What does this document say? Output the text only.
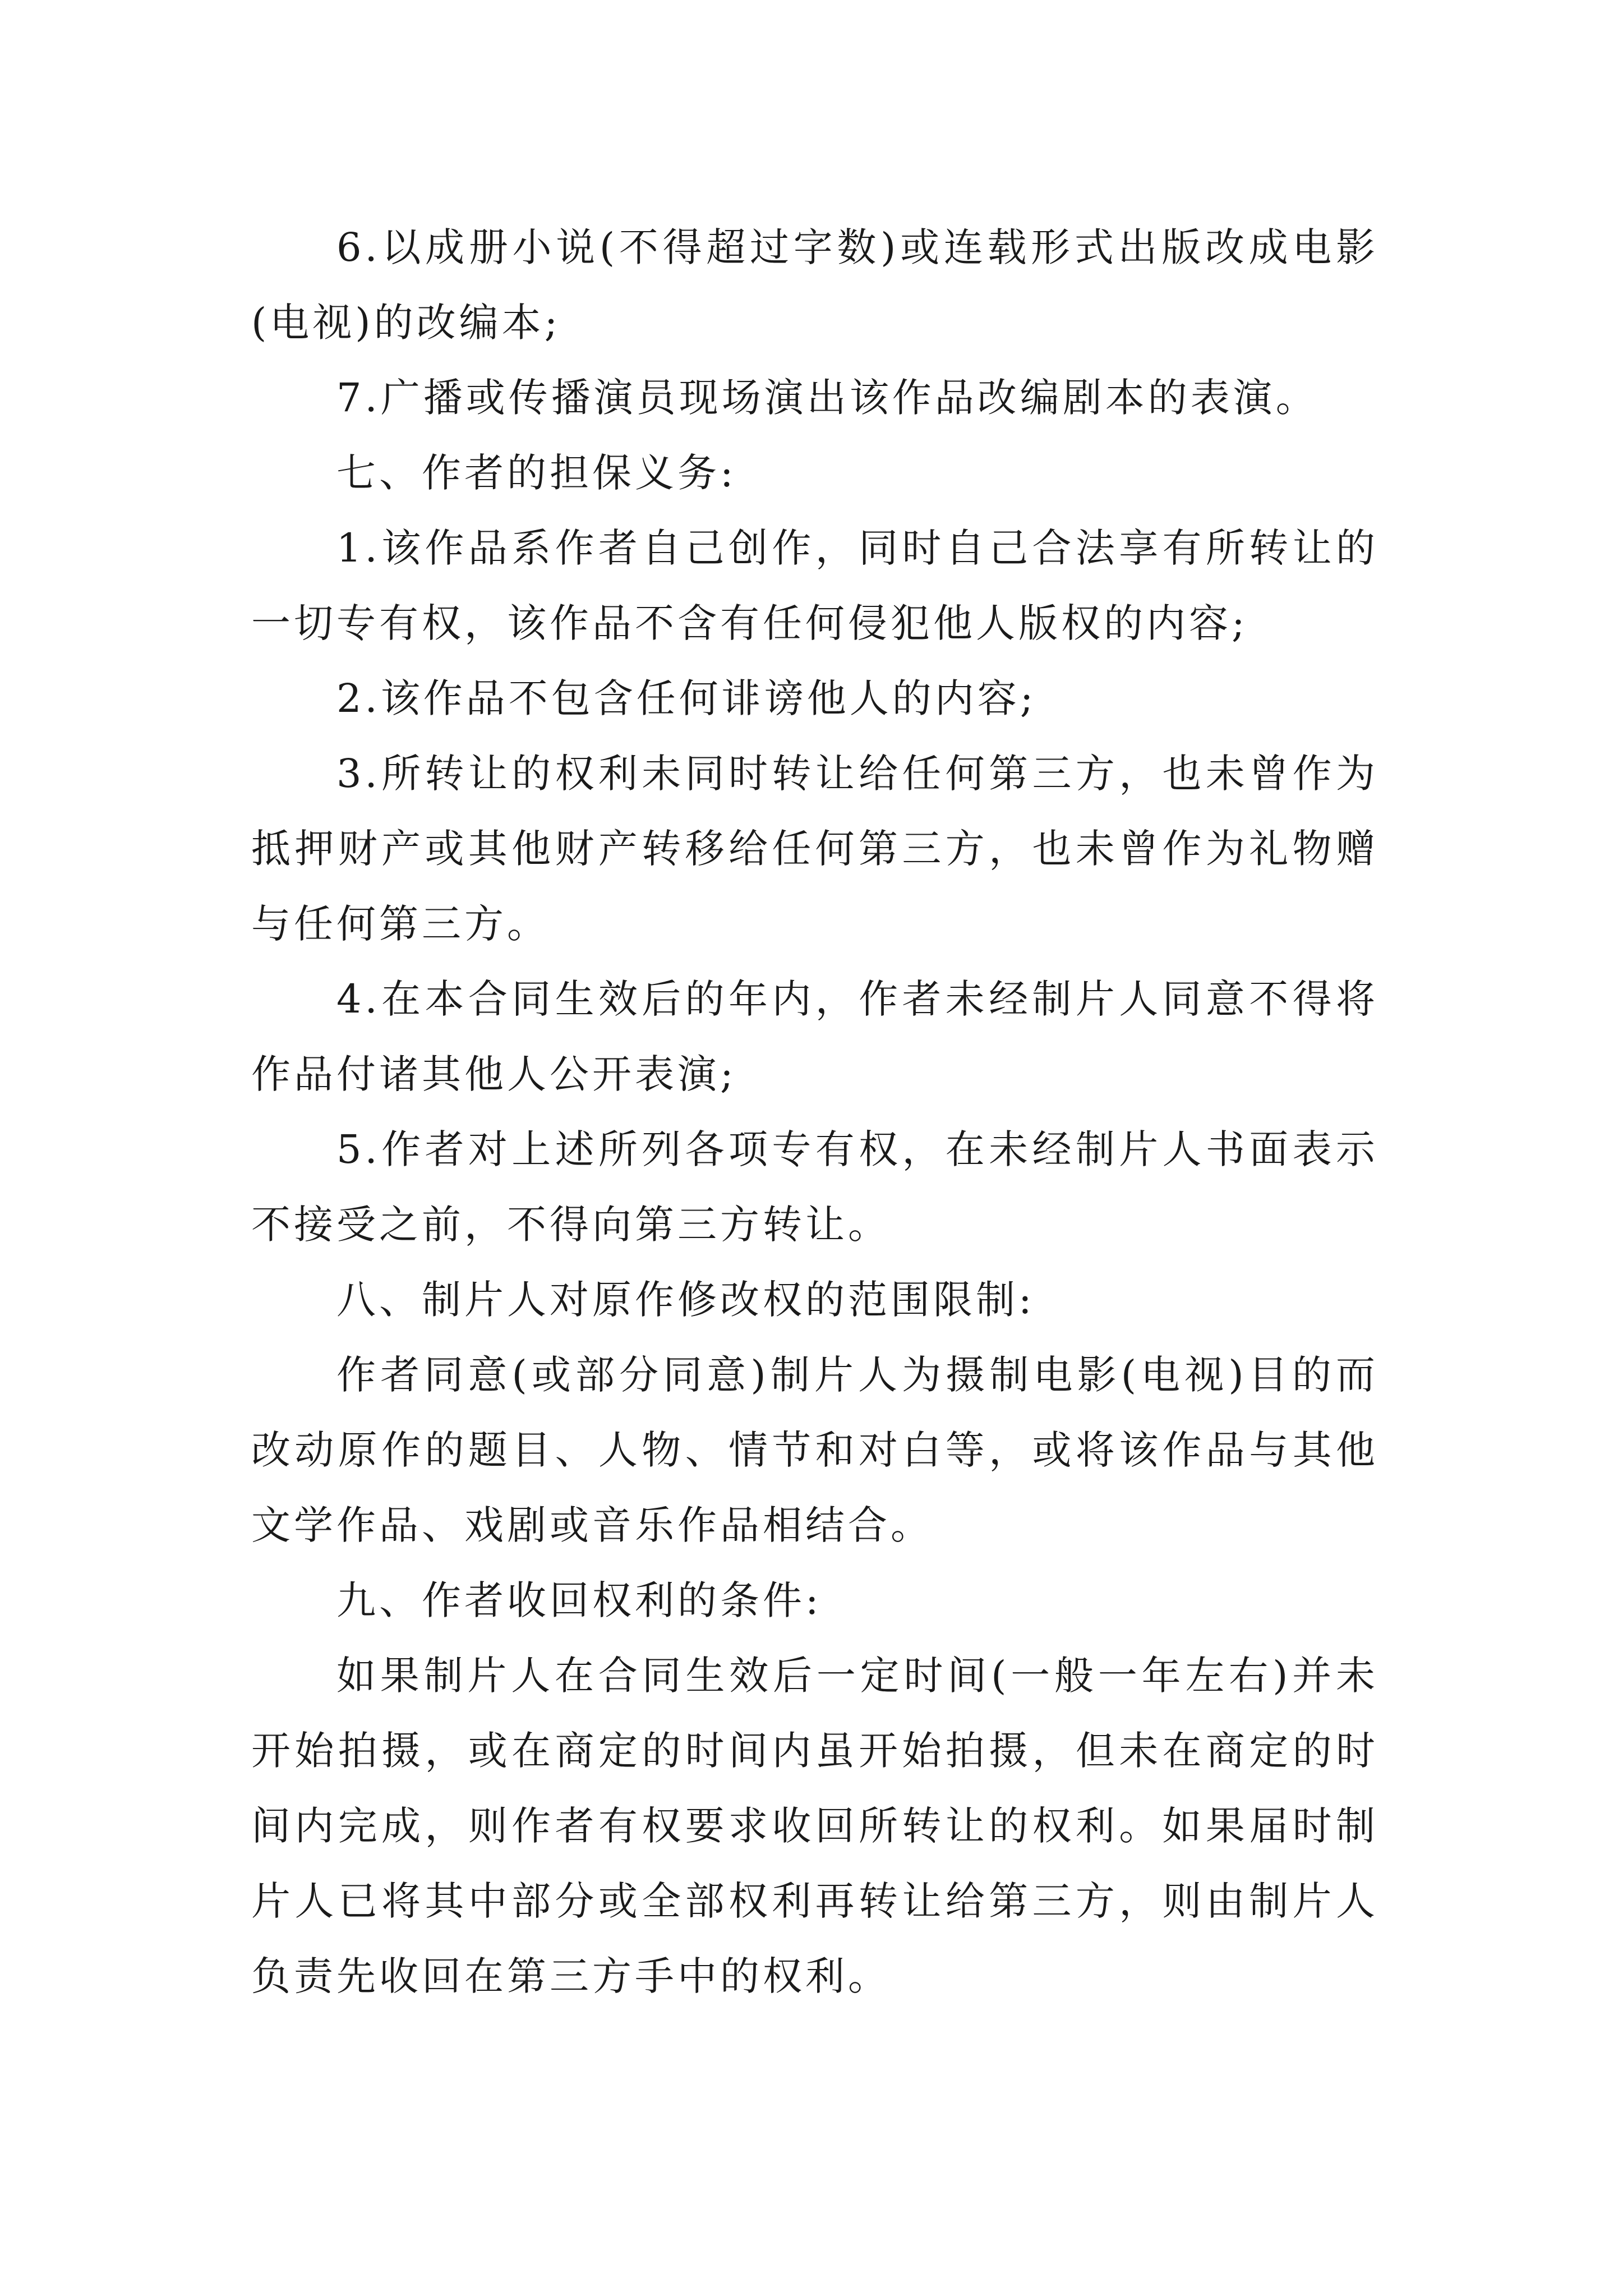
6.以成册小说(不得超过字数)或连载形式出版改成电影
(电视)的改编本;
7.广播或传播演员现场演出该作品改编剧本的表演。
七、作者的担保义务:
1.该作品系作者自己创作，同时自己合法享有所转让的
一切专有权，该作品不含有任何侵犯他人版权的内容;
2.该作品不包含任何诽谤他人的内容;
3.所转让的权利未同时转让给任何第三方，也未曾作为
抵押财产或其他财产转移给任何第三方，也未曾作为礼物赠
与任何第三方。
4.在本合同生效后的年内，作者未经制片人同意不得将
作品付诸其他人公开表演;
5.作者对上述所列各项专有权，在未经制片人书面表示
不接受之前，不得向第三方转让。
八、制片人对原作修改权的范围限制:
作者同意(或部分同意)制片人为摄制电影(电视)目的而
改动原作的题目、人物、情节和对白等，或将该作品与其他
文学作品、戏剧或音乐作品相结合。
九、作者收回权利的条件:
如果制片人在合同生效后一定时间(一般一年左右)并未
开始拍摄，或在商定的时间内虽开始拍摄，但未在商定的时
间内完成，则作者有权要求收回所转让的权利。如果届时制
片人已将其中部分或全部权利再转让给第三方，则由制片人
负责先收回在第三方手中的权利。
